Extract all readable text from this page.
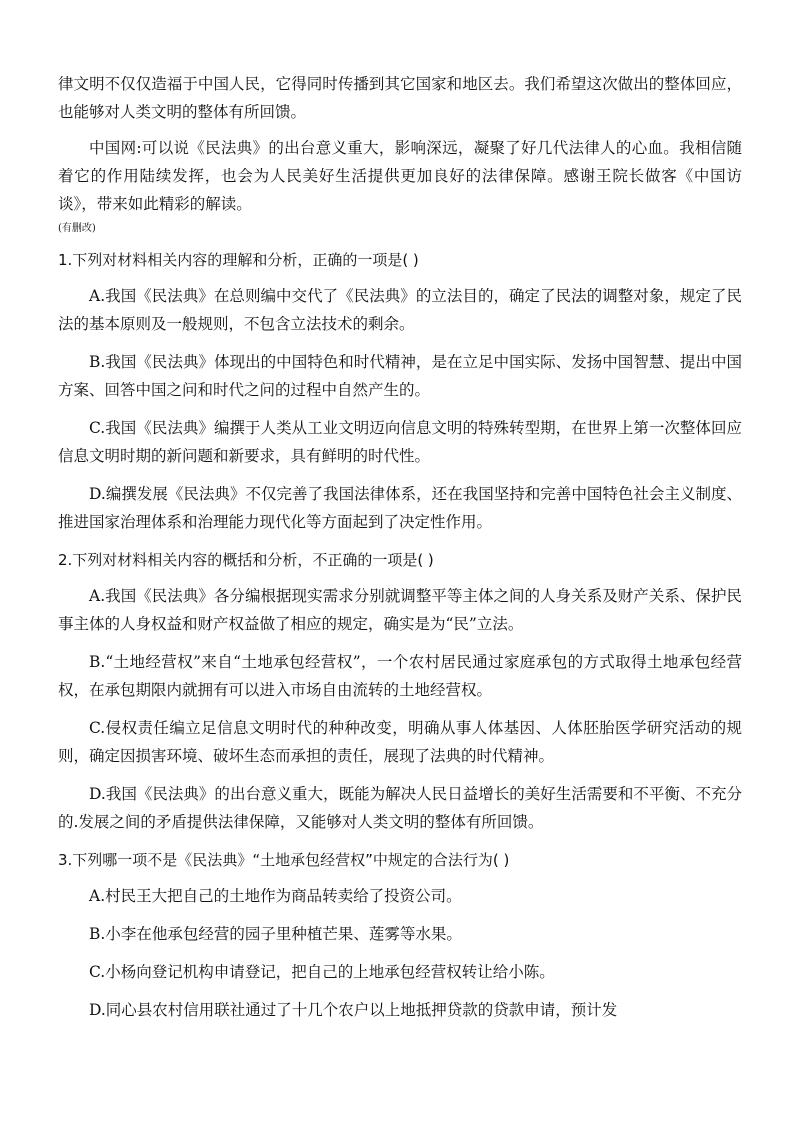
律文明不仅仅造福于中国人民，它得同时传播到其它国家和地区去。我们希望这次做出的整体回应，也能够对人类文明的整体有所回馈。

中国网:可以说《民法典》的出台意义重大，影响深远，凝聚了好几代法律人的心血。我相信随着它的作用陆续发挥，也会为人民美好生活提供更加良好的法律保障。感谢王院长做客《中国访谈》，带来如此精彩的解读。

(有删改)

1.下列对材料相关内容的理解和分析，正确的一项是( )

A.我国《民法典》在总则编中交代了《民法典》的立法目的，确定了民法的调整对象，规定了民法的基本原则及一般规则，不包含立法技术的剩余。

B.我国《民法典》体现出的中国特色和时代精神，是在立足中国实际、发扬中国智慧、提出中国方案、回答中国之问和时代之问的过程中自然产生的。

C.我国《民法典》编撰于人类从工业文明迈向信息文明的特殊转型期，在世界上第一次整体回应信息文明时期的新问题和新要求，具有鲜明的时代性。

D.编撰发展《民法典》不仅完善了我国法律体系，还在我国坚持和完善中国特色社会主义制度、推进国家治理体系和治理能力现代化等方面起到了决定性作用。

2.下列对材料相关内容的概括和分析，不正确的一项是( )

A.我国《民法典》各分编根据现实需求分别就调整平等主体之间的人身关系及财产关系、保护民事主体的人身权益和财产权益做了相应的规定，确实是为“民”立法。

B.“土地经营权”来自“土地承包经营权”，一个农村居民通过家庭承包的方式取得土地承包经营权，在承包期限内就拥有可以进入市场自由流转的土地经营权。

C.侵权责任编立足信息文明时代的种种改变，明确从事人体基因、人体胚胎医学研究活动的规则，确定因损害环境、破坏生态而承担的责任，展现了法典的时代精神。

D.我国《民法典》的出台意义重大，既能为解决人民日益增长的美好生活需要和不平衡、不充分的.发展之间的矛盾提供法律保障，又能够对人类文明的整体有所回馈。

3.下列哪一项不是《民法典》“土地承包经营权”中规定的合法行为( )

A.村民王大把自己的土地作为商品转卖给了投资公司。

B.小李在他承包经营的园子里种植芒果、莲雾等水果。

C.小杨向登记机构申请登记，把自己的上地承包经营权转让给小陈。

D.同心县农村信用联社通过了十几个农户以上地抵押贷款的贷款申请，预计发
